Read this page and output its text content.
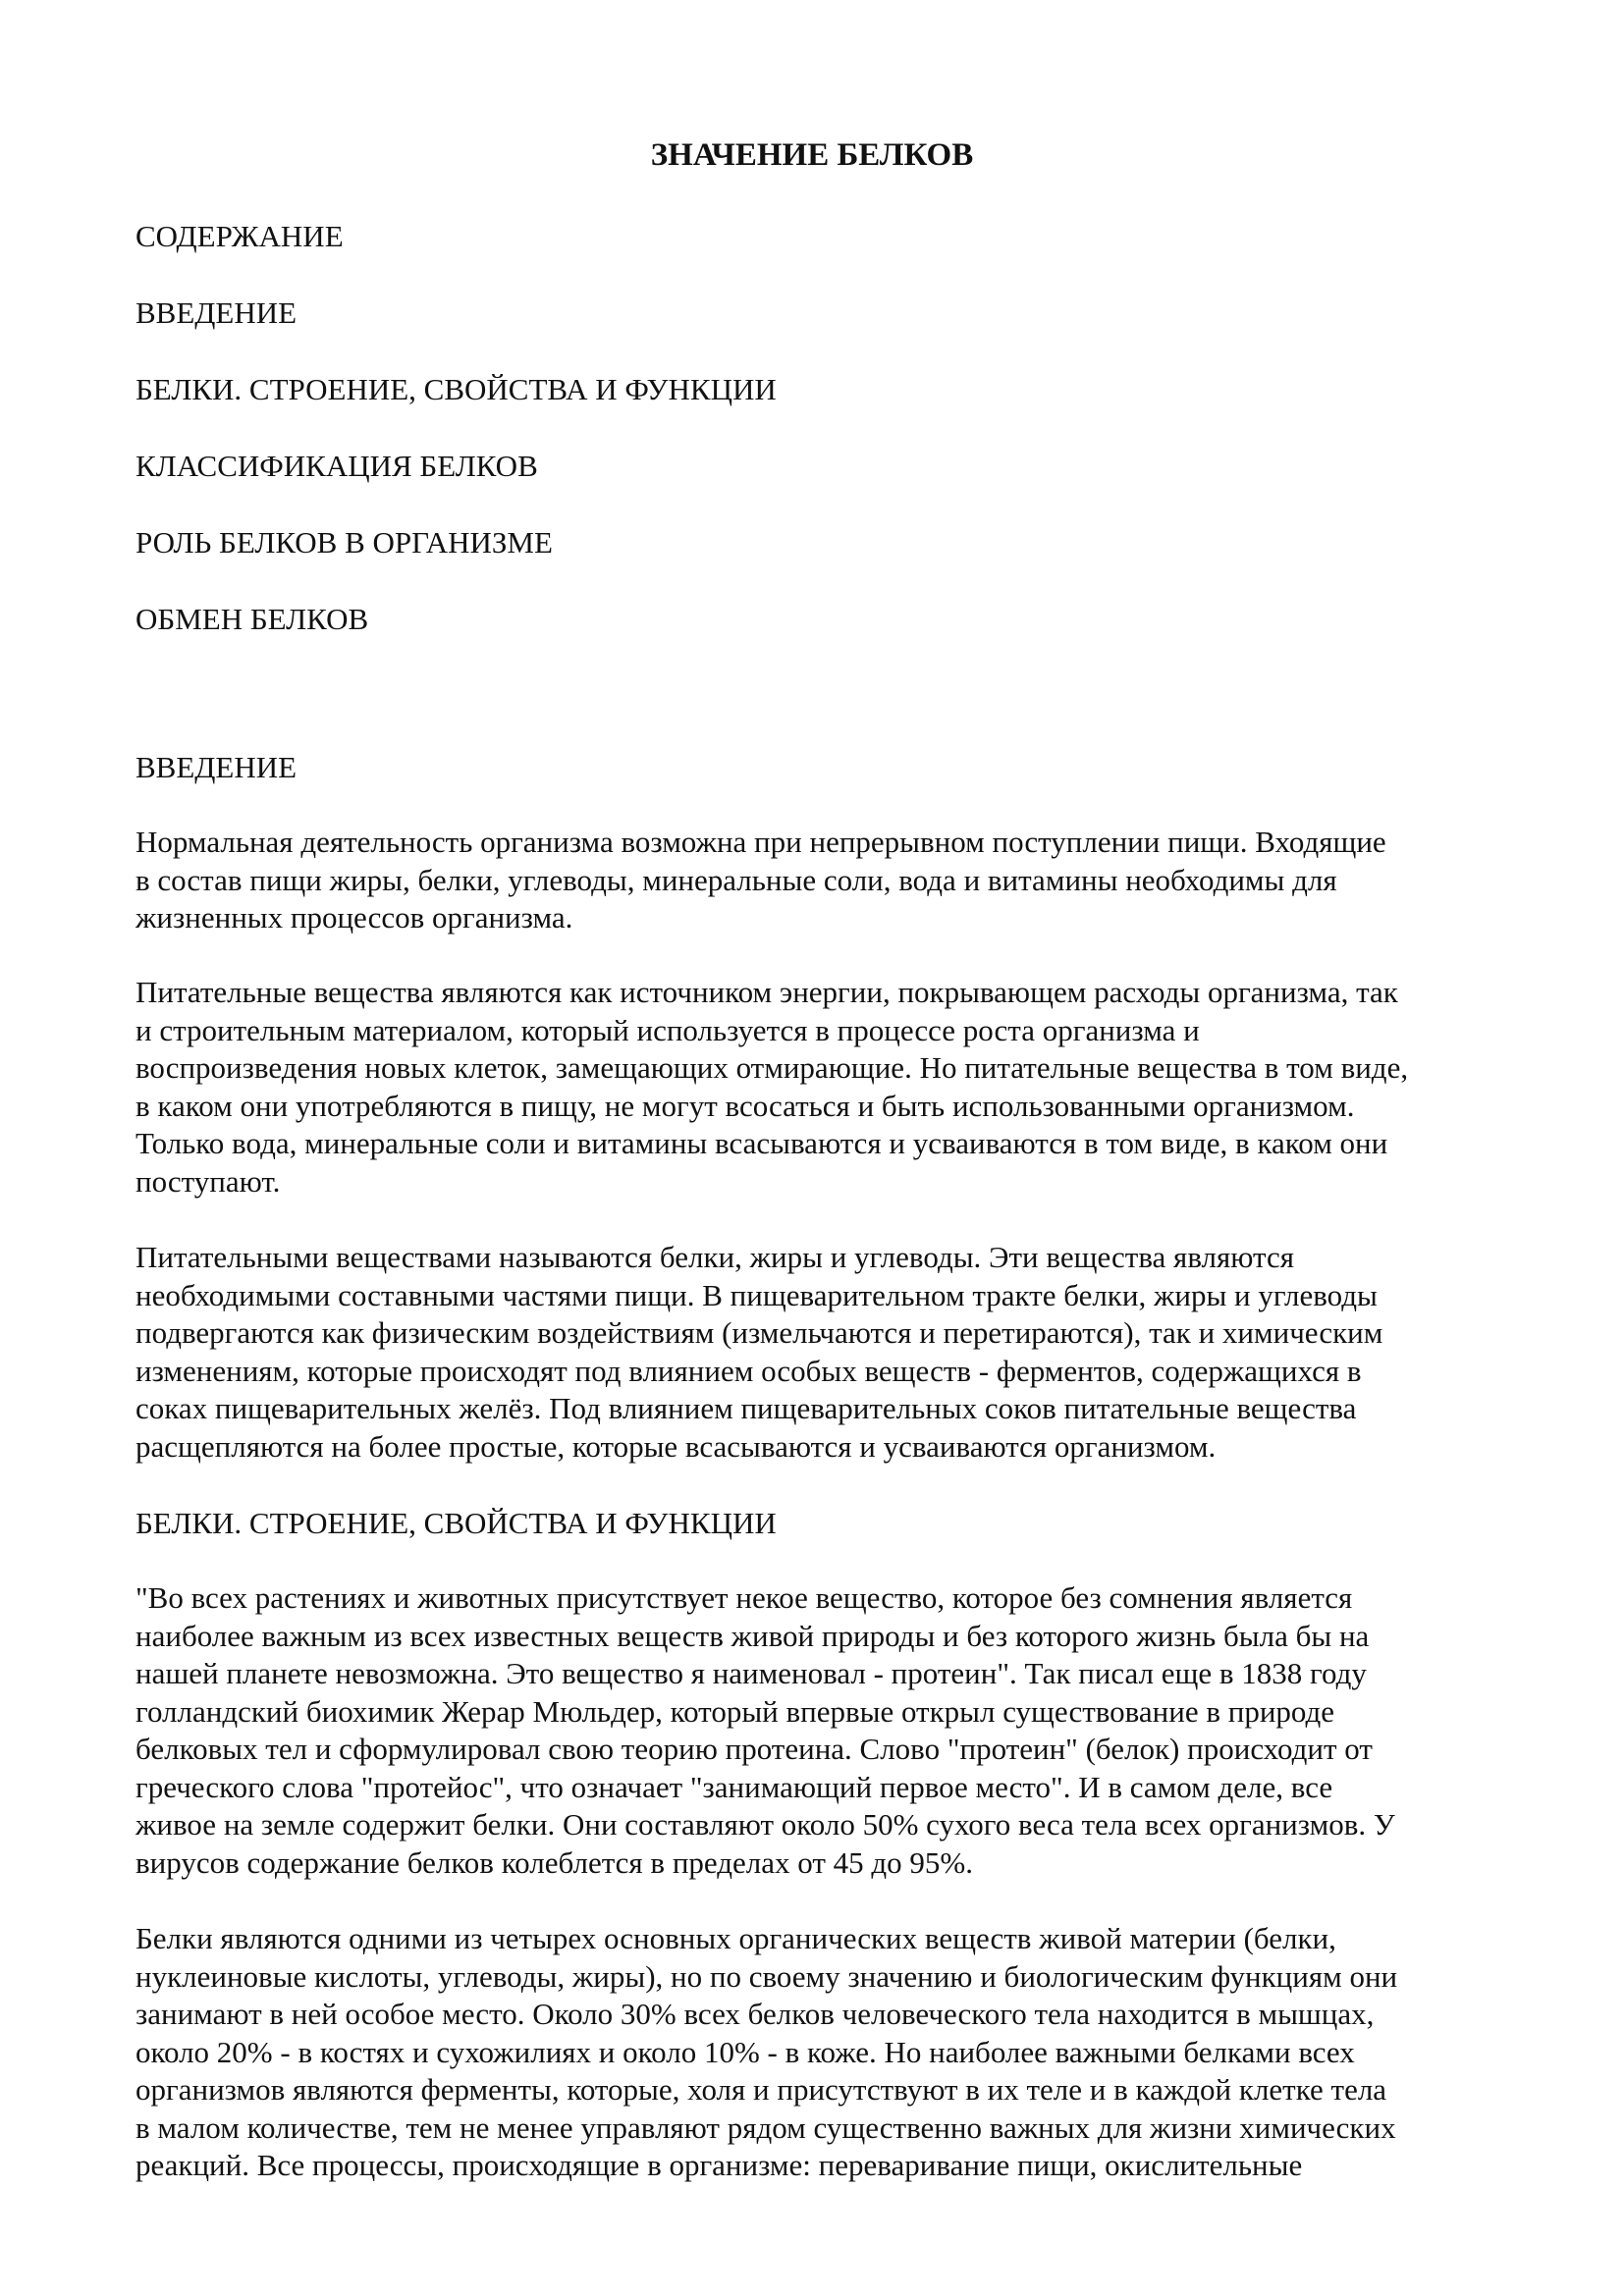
ЗНАЧЕНИЕ БЕЛКОВ
СОДЕРЖАНИЕ
ВВЕДЕНИЕ
БЕЛКИ. СТРОЕНИЕ, СВОЙСТВА И ФУНКЦИИ
КЛАССИФИКАЦИЯ БЕЛКОВ
РОЛЬ БЕЛКОВ В ОРГАНИЗМЕ
ОБМЕН БЕЛКОВ
ВВЕДЕНИЕ
Нормальная деятельность организма возможна при непрерывном поступлении пищи. Входящие
в состав пищи жиры, белки, углеводы, минеральные соли, вода и витамины необходимы для
жизненных процессов организма.
Питательные вещества являются как источником энергии, покрывающем расходы организма, так
и строительным материалом, который используется в процессе роста организма и
воспроизведения новых клеток, замещающих отмирающие. Но питательные вещества в том виде,
в каком они употребляются в пищу, не могут всосаться и быть использованными организмом.
Только вода, минеральные соли и витамины всасываются и усваиваются в том виде, в каком они
поступают.
Питательными веществами называются белки, жиры и углеводы. Эти вещества являются
необходимыми составными частями пищи. В пищеварительном тракте белки, жиры и углеводы
подвергаются как физическим воздействиям (измельчаются и перетираются), так и химическим
изменениям, которые происходят под влиянием особых веществ - ферментов, содержащихся в
соках пищеварительных желёз. Под влиянием пищеварительных соков питательные вещества
расщепляются на более простые, которые всасываются и усваиваются организмом.
БЕЛКИ. СТРОЕНИЕ, СВОЙСТВА И ФУНКЦИИ
"Во всех растениях и животных присутствует некое вещество, которое без сомнения является
наиболее важным из всех известных веществ живой природы и без которого жизнь была бы на
нашей планете невозможна. Это вещество я наименовал - протеин". Так писал еще в 1838 году
голландский биохимик Жерар Мюльдер, который впервые открыл существование в природе
белковых тел и сформулировал свою теорию протеина. Слово "протеин" (белок) происходит от
греческого слова "протейос", что означает "занимающий первое место". И в самом деле, все
живое на земле содержит белки. Они составляют около 50% сухого веса тела всех организмов. У
вирусов содержание белков колеблется в пределах от 45 до 95%.
Белки являются одними из четырех основных органических веществ живой материи (белки,
нуклеиновые кислоты, углеводы, жиры), но по своему значению и биологическим функциям они
занимают в ней особое место. Около 30% всех белков человеческого тела находится в мышцах,
около 20% - в костях и сухожилиях и около 10% - в коже. Но наиболее важными белками всех
организмов являются ферменты, которые, холя и присутствуют в их теле и в каждой клетке тела
в малом количестве, тем не менее управляют рядом существенно важных для жизни химических
реакций. Все процессы, происходящие в организме: переваривание пищи, окислительные
